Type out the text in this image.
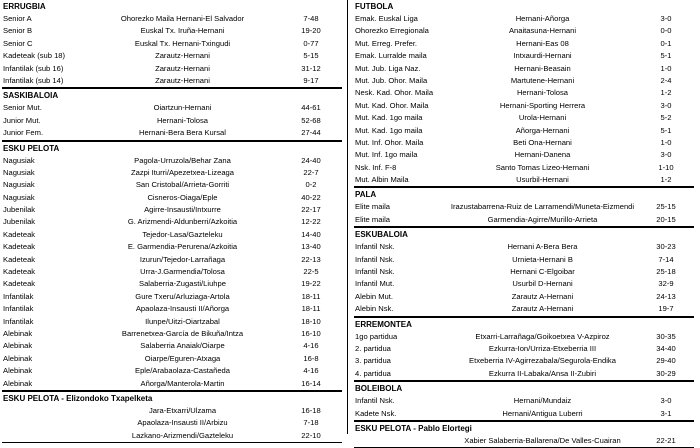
ERRUGBIA
Senior A	Ohorezko Maila Hernani-El Salvador	7-48
Senior B	Euskal Tx. Iruña-Hernani	19-20
Senior C	Euskal Tx. Hernani-Txingudi	0-77
Kadeteak (sub 18)	Zarautz-Hernani	5-15
Infantilak (sub 16)	Zarautz-Hernani	31-12
Infantilak (sub 14)	Zarautz-Hernani	9-17
SASKIBALOIA
Senior Mut.	Oiartzun-Hernani	44-61
Junior Mut.	Hernani-Tolosa	52-68
Junior Fem.	Hernani-Bera Bera Kursal	27-44
ESKU PELOTA
Nagusiak	Pagola-Urruzola/Behar Zana	24-40
Nagusiak	Zazpi Iturri/Apezetxea-Lizeaga	22-7
Nagusiak	San Cristobal/Arrieta-Gorriti	0-2
Nagusiak	Cisneros-Oiaga/Eple	40-22
Jubenilak	Agirre-Insausti/Intxurre	22-17
Jubenilak	G. Arizmendi-Aldunberri/Azkoitia	12-22
Kadeteak	Tejedor-Lasa/Gazteleku	14-40
Kadeteak	E. Garmendia-Perurena/Azkoitia	13-40
Kadeteak	Izurun/Tejedor-Larrañaga	22-13
Kadeteak	Urra-J.Garmendia/Tolosa	22-5
Kadeteak	Salaberria-Zugasti/Liuhpe	19-22
Infantilak	Gure Txeru/Arluziaga-Artola	18-11
Infantilak	Apaolaza-Insausti II/Añorga	18-11
Infantilak	Ilunpe/Uitzi-Oiartzabal	18-10
Alebinak	Barrenetxea-García de Bikuña/Intza	16-10
Alebinak	Salaberria Anaiak/Oiarpe	4-16
Alebinak	Oiarpe/Eguren-Atxaga	16-8
Alebinak	Eple/Arabaolaza-Castañeda	4-16
Alebinak	Añorga/Manterola-Martin	16-14
ESKU PELOTA - Elizondoko Txapelketa
Jara-Etxarri/Ulzama	16-18
Apaolaza-Insausti II/Arbizu	7-18
Lazkano-Arizmendi/Gazteleku	22-10
FUTBOLA
Emak. Euskal Liga	Hernani-Añorga	3-0
Ohorezko Erregionala	Anaitasuna-Hernani	0-0
Mut. Erreg. Prefer.	Hernani-Eas 08	0-1
Emak. Lurralde maila	Intxaurdi-Hernani	5-1
Mut. Jub. Liga Naz.	Hernani-Beasain	1-0
Mut. Jub. Ohor. Maila	Martutene-Hernani	2-4
Nesk. Kad. Ohor. Maila	Hernani-Tolosa	1-2
Mut. Kad. Ohor. Maila	Hernani-Sporting Herrera	3-0
Mut. Kad. 1go maila	Urola-Hernani	5-2
Mut. Kad. 1go maila	Añorga-Hernani	5-1
Mut. Inf. Ohor. Maila	Beti Ona-Hernani	1-0
Mut. Inf. 1go maila	Hernani-Danena	3-0
Nsk. Inf. F-8	Santo Tomas Lizeo-Hernani	1-10
Mut. Albin Maila	Usurbil-Hernani	1-2
PALA
Elite maila	Irazustabarrena-Ruiz de Larramendi/Muneta-Eizmendi	25-15
Elite maila	Garmendia-Agirre/Murillo-Arrieta	20-15
ESKUBALOIA
Infantil Nsk.	Hernani A-Bera Bera	30-23
Infantil Nsk.	Urnieta-Hernani B	7-14
Infantil Nsk.	Hernani C-Elgoibar	25-18
Infantil Mut.	Usurbil D-Hernani	32-9
Alebin Mut.	Zarautz A-Hernani	24-13
Alebin Nsk.	Zarautz A-Hernani	19-7
ERREMONTEA
1go partidua	Etxarri-Larrañaga/Goikoetxea V-Azpiroz	30-35
2. partidua	Ezkurra-Ion/Urriza-Etxeberria III	34-40
3. partidua	Etxeberria IV-Agirrezabala/Segurola-Endika	29-40
4. partidua	Ezkurra II-Labaka/Ansa II-Zubiri	30-29
BOLEIBOLA
Infantil Nsk.	Hernani/Mundaiz	3-0
Kadete Nsk.	Hernani/Antigua Luberri	3-1
ESKU PELOTA - Pablo Elortegi
Xabier Salaberria-Ballarena/De Valles-Cuairan	22-21
